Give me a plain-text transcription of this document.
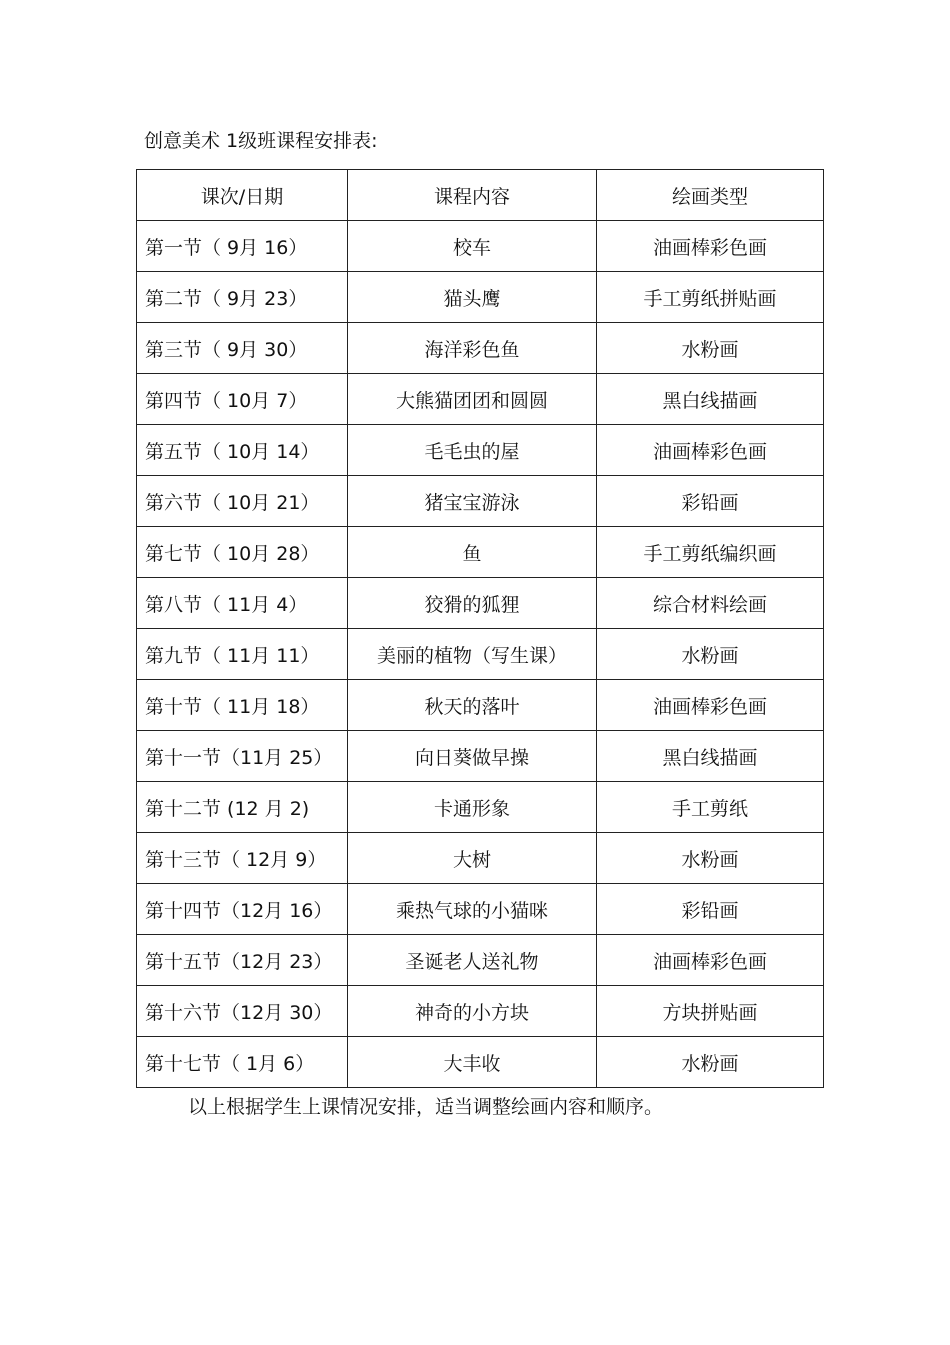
创意美术 1级班课程安排表:
课次/日期	课程内容	绘画类型
第一节（ 9月 16）	校车	油画棒彩色画
第二节（ 9月 23）	猫头鹰	手工剪纸拼贴画
第三节（ 9月 30）	海洋彩色鱼	水粉画
第四节（ 10月 7）	大熊猫团团和圆圆	黑白线描画
第五节（ 10月 14）	毛毛虫的屋	油画棒彩色画
第六节（ 10月 21）	猪宝宝游泳	彩铅画
第七节（ 10月 28）	鱼	手工剪纸编织画
第八节（ 11月 4）	狡猾的狐狸	综合材料绘画
第九节（ 11月 11）	美丽的植物（写生课）	水粉画
第十节（ 11月 18）	秋天的落叶	油画棒彩色画
第十一节（11月 25）	向日葵做早操	黑白线描画
第十二节 (12 月 2)	卡通形象	手工剪纸
第十三节（ 12月 9）	大树	水粉画
第十四节（12月 16）	乘热气球的小猫咪	彩铅画
第十五节（12月 23）	圣诞老人送礼物	油画棒彩色画
第十六节（12月 30）	神奇的小方块	方块拼贴画
第十七节（ 1月 6）	大丰收	水粉画
以上根据学生上课情况安排，适当调整绘画内容和顺序。
